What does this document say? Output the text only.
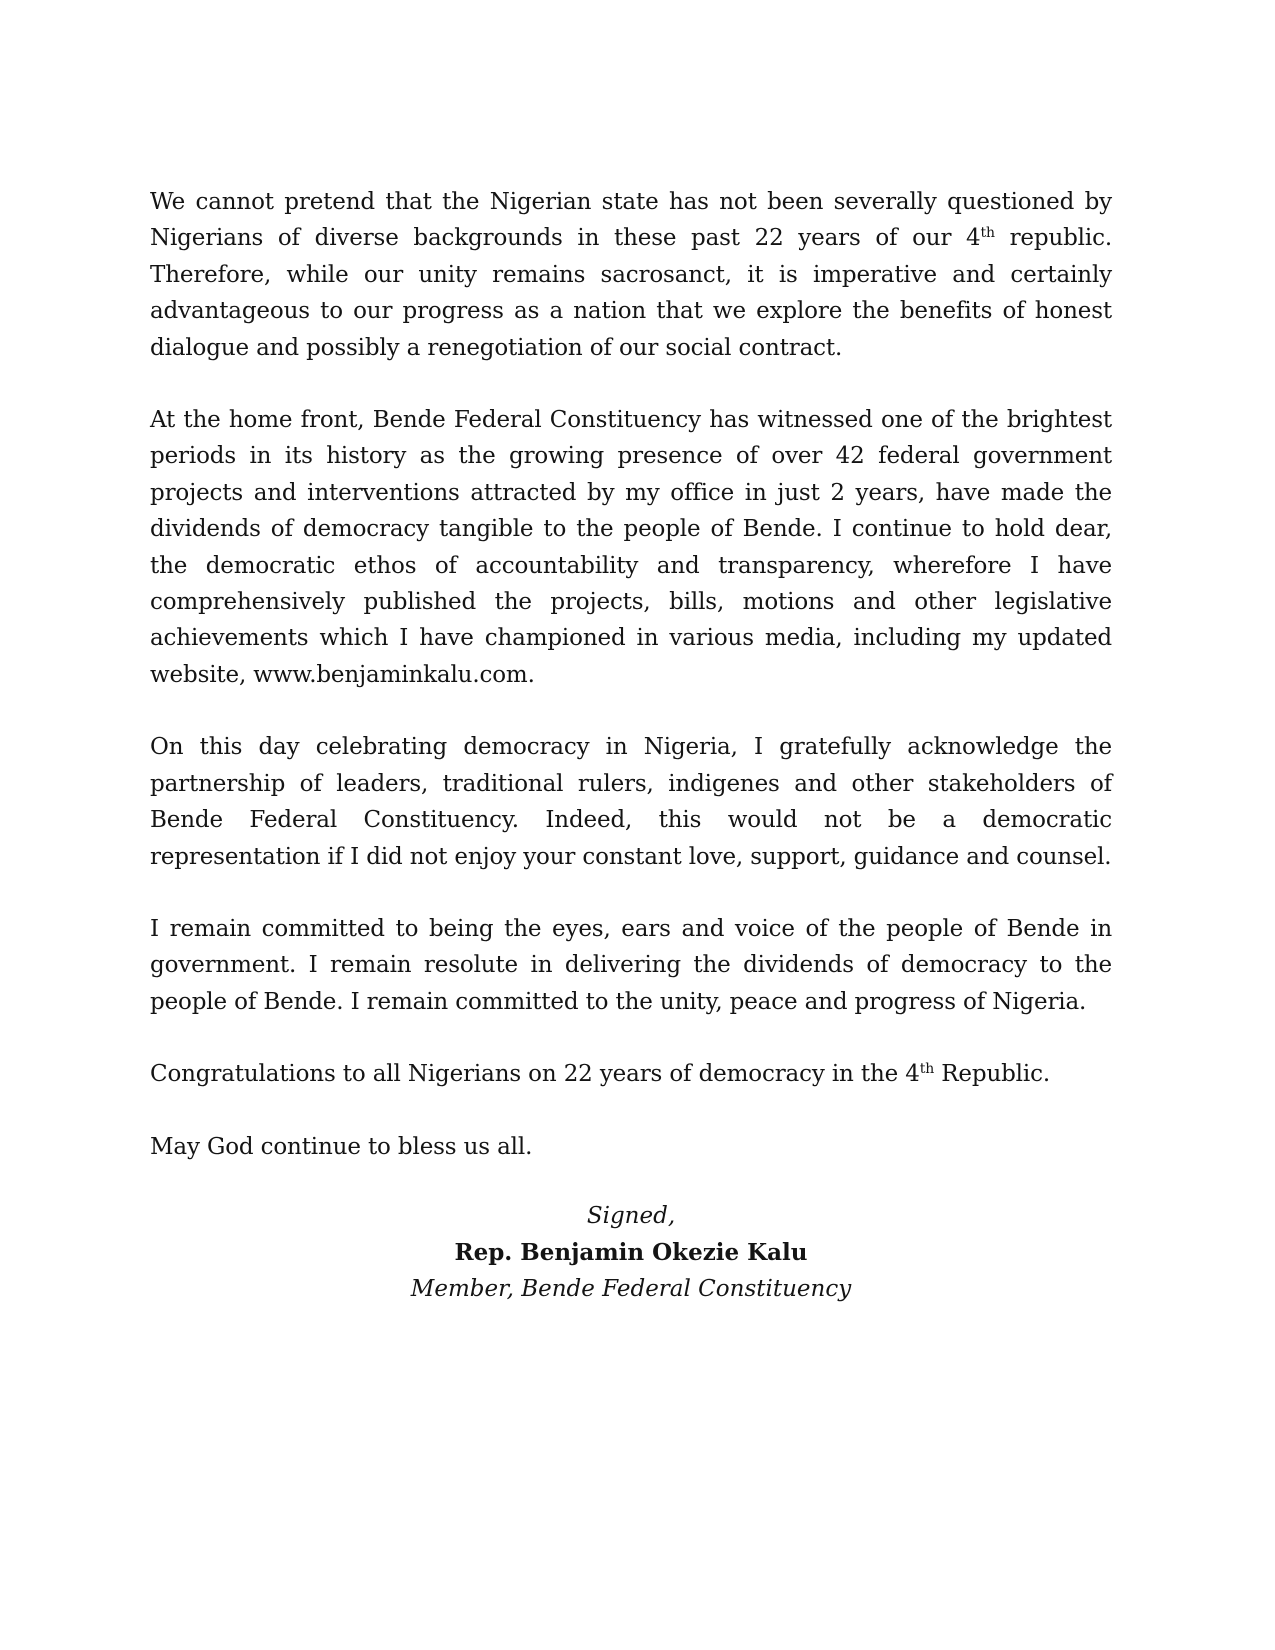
We cannot pretend that the Nigerian state has not been severally questioned by Nigerians of diverse backgrounds in these past 22 years of our 4th republic. Therefore, while our unity remains sacrosanct, it is imperative and certainly advantageous to our progress as a nation that we explore the benefits of honest dialogue and possibly a renegotiation of our social contract.

At the home front, Bende Federal Constituency has witnessed one of the brightest periods in its history as the growing presence of over 42 federal government projects and interventions attracted by my office in just 2 years, have made the dividends of democracy tangible to the people of Bende. I continue to hold dear, the democratic ethos of accountability and transparency, wherefore I have comprehensively published the projects, bills, motions and other legislative achievements which I have championed in various media, including my updated website, www.benjaminkalu.com.

On this day celebrating democracy in Nigeria, I gratefully acknowledge the partnership of leaders, traditional rulers, indigenes and other stakeholders of Bende Federal Constituency. Indeed, this would not be a democratic representation if I did not enjoy your constant love, support, guidance and counsel.

I remain committed to being the eyes, ears and voice of the people of Bende in government. I remain resolute in delivering the dividends of democracy to the people of Bende. I remain committed to the unity, peace and progress of Nigeria.

Congratulations to all Nigerians on 22 years of democracy in the 4th Republic.

May God continue to bless us all.

Signed,
Rep. Benjamin Okezie Kalu
Member, Bende Federal Constituency
